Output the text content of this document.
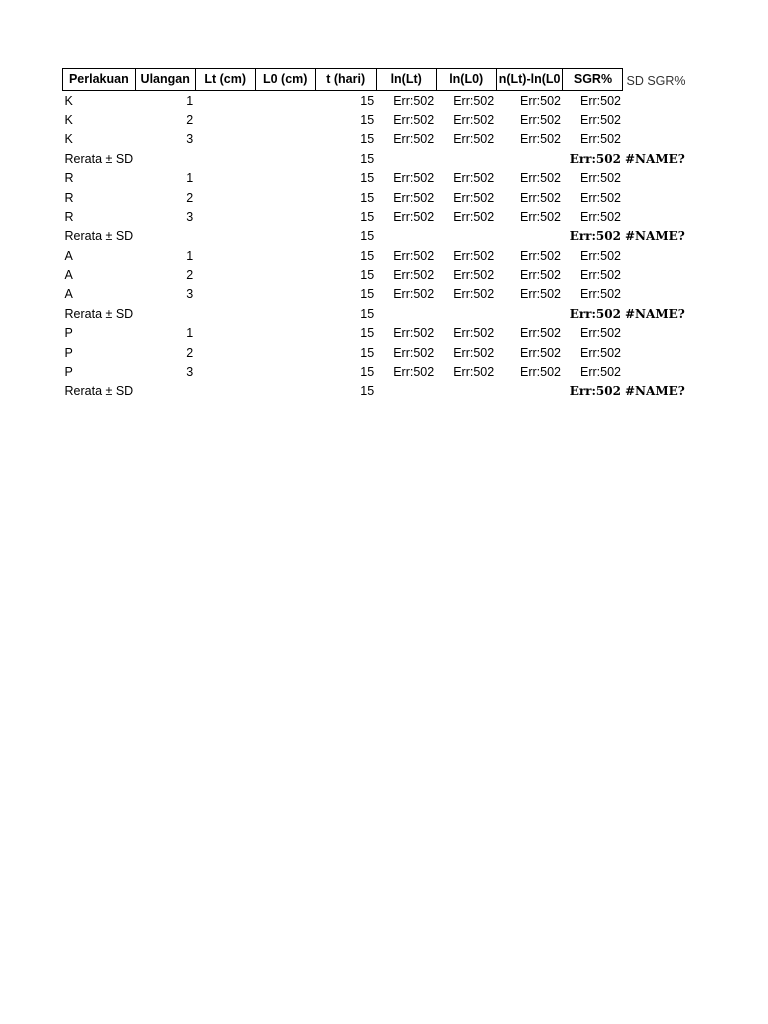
Perlakuan	Ulangan	Lt (cm)	L0 (cm)	t (hari)	ln(Lt)	ln(L0)	n(Lt)-ln(L0	SGR%	SD SGR%
K	1			15	Err:502	Err:502	Err:502	Err:502	
K	2			15	Err:502	Err:502	Err:502	Err:502	
K	3			15	Err:502	Err:502	Err:502	Err:502	
Rerata ± SD				15				Err:502	#NAME?
R	1			15	Err:502	Err:502	Err:502	Err:502	
R	2			15	Err:502	Err:502	Err:502	Err:502	
R	3			15	Err:502	Err:502	Err:502	Err:502	
Rerata ± SD				15				Err:502	#NAME?
A	1			15	Err:502	Err:502	Err:502	Err:502	
A	2			15	Err:502	Err:502	Err:502	Err:502	
A	3			15	Err:502	Err:502	Err:502	Err:502	
Rerata ± SD				15				Err:502	#NAME?
P	1			15	Err:502	Err:502	Err:502	Err:502	
P	2			15	Err:502	Err:502	Err:502	Err:502	
P	3			15	Err:502	Err:502	Err:502	Err:502	
Rerata ± SD				15				Err:502	#NAME?
